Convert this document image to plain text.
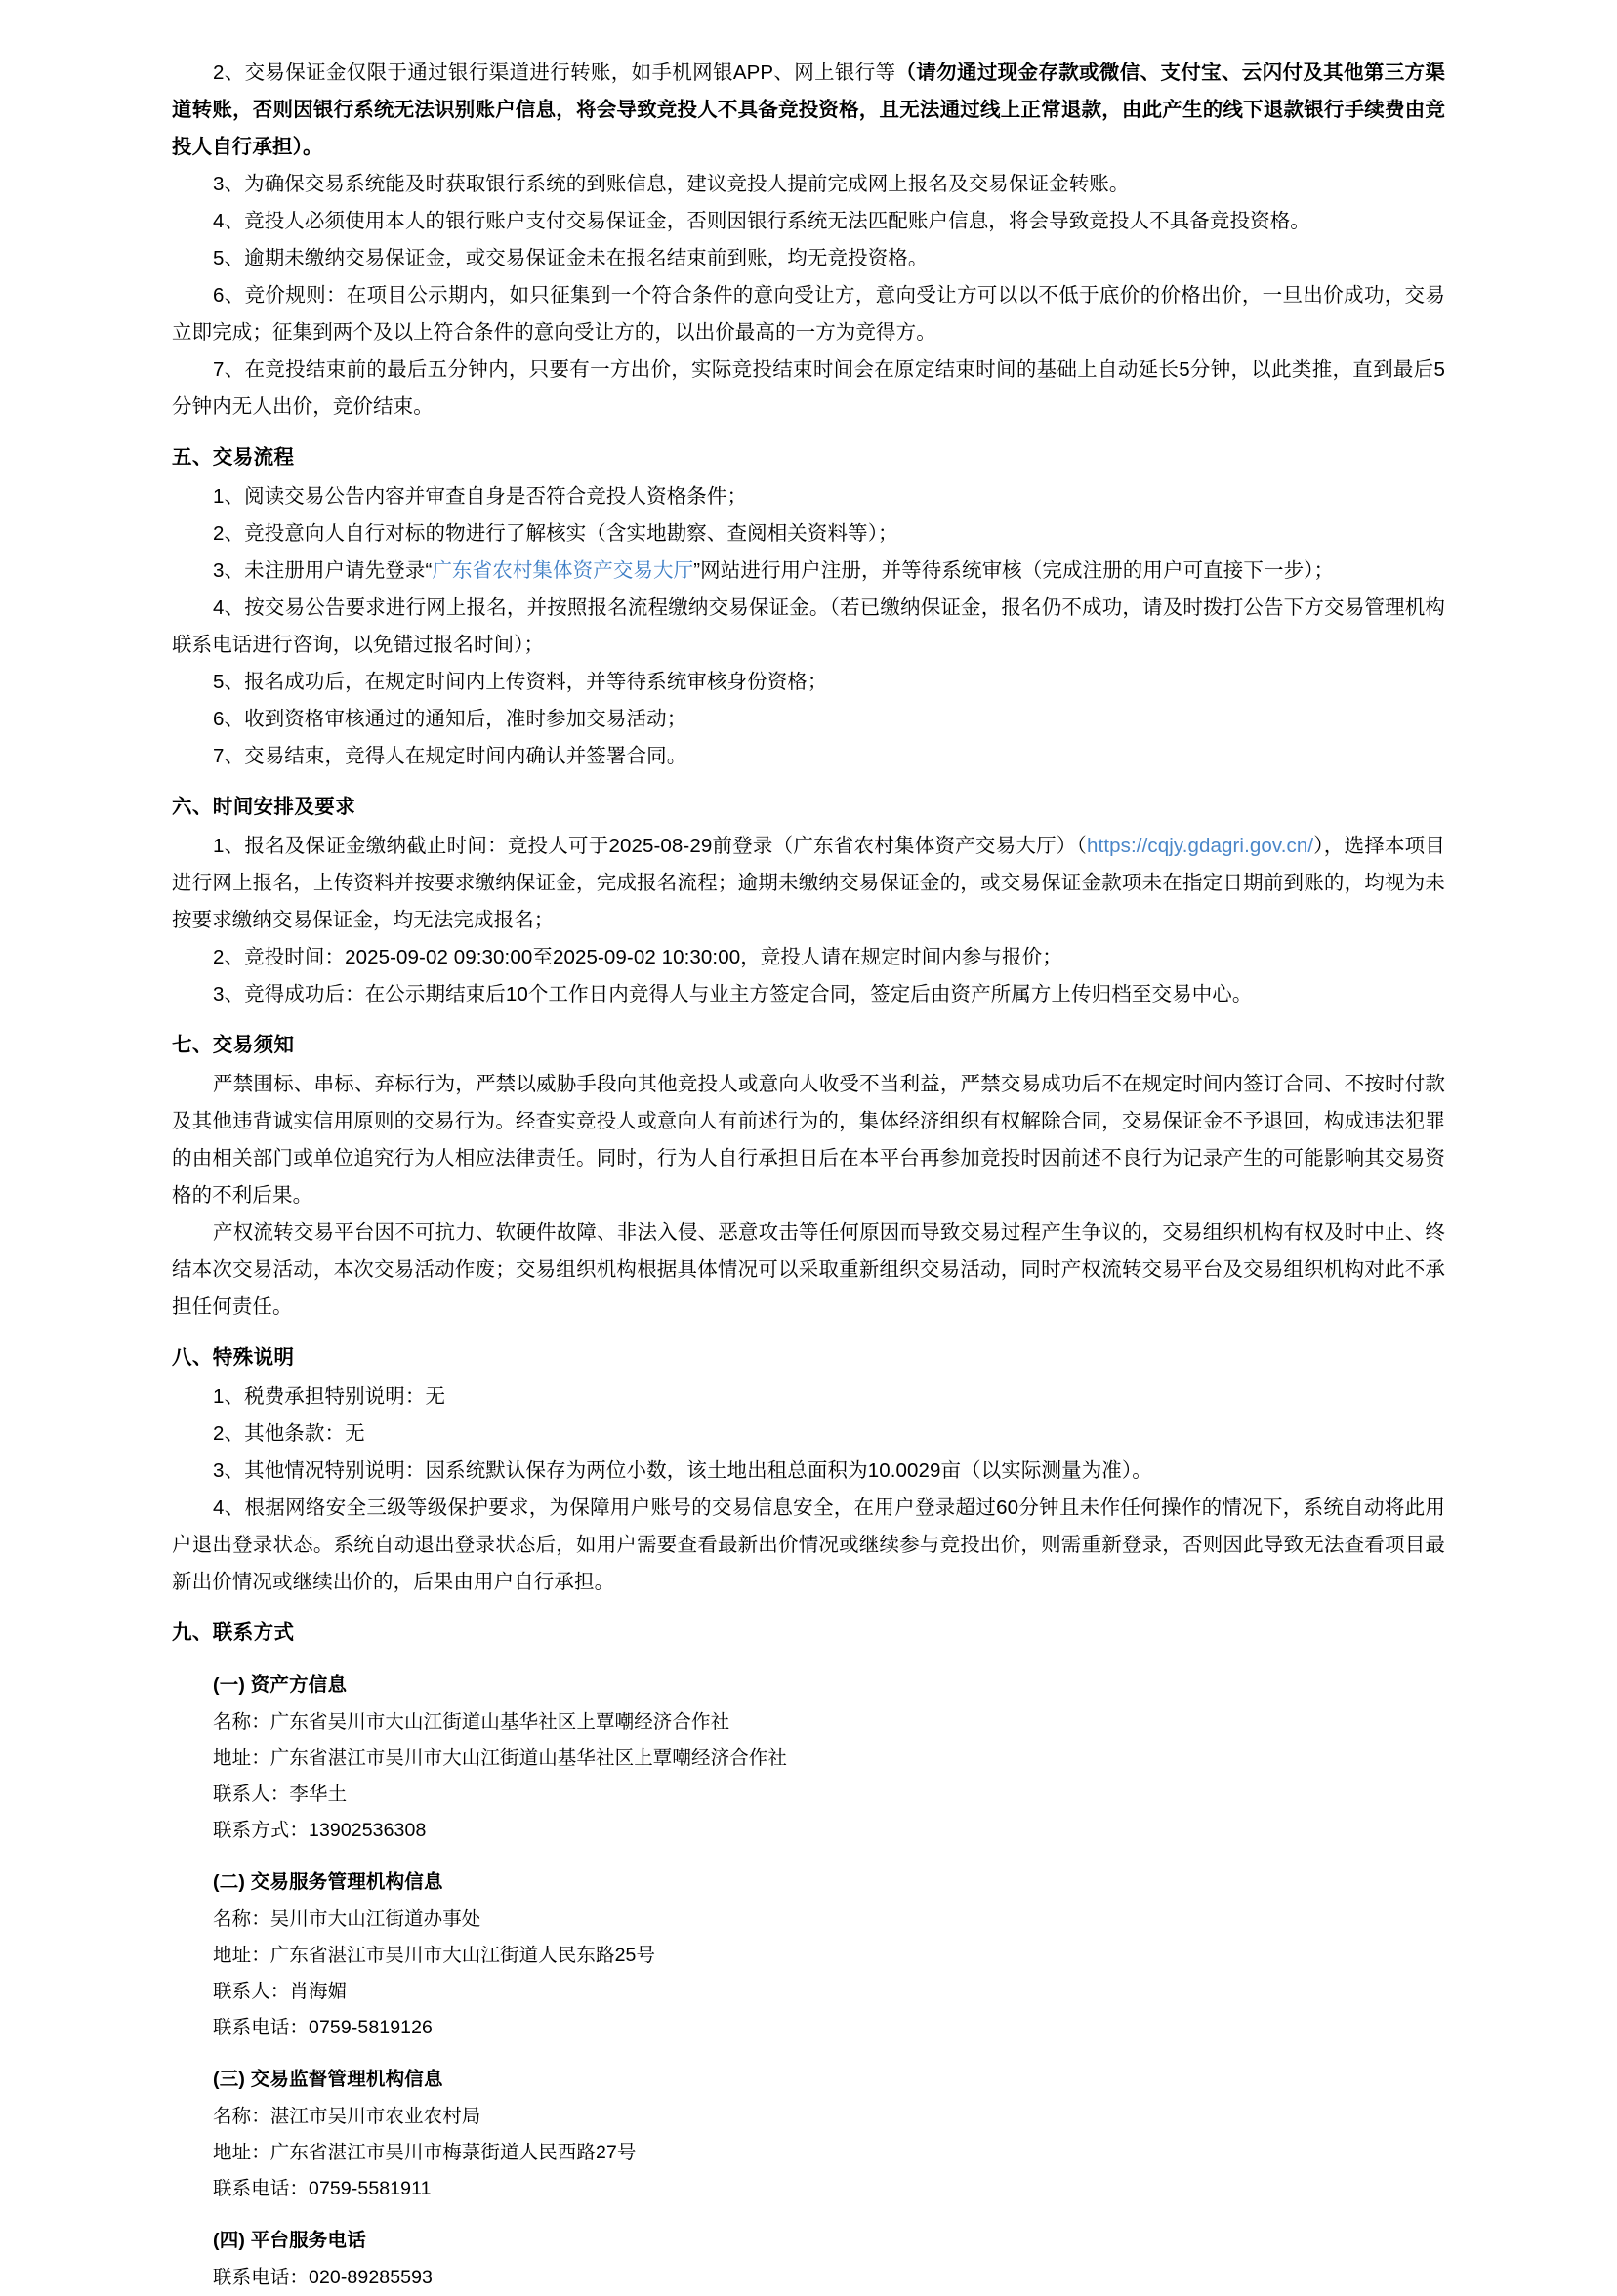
2、交易保证金仅限于通过银行渠道进行转账，如手机网银APP、网上银行等（请勿通过现金存款或微信、支付宝、云闪付及其他第三方渠道转账，否则因银行系统无法识别账户信息，将会导致竞投人不具备竞投资格，且无法通过线上正常退款，由此产生的线下退款银行手续费由竞投人自行承担）。

3、为确保交易系统能及时获取银行系统的到账信息，建议竞投人提前完成网上报名及交易保证金转账。

4、竞投人必须使用本人的银行账户支付交易保证金，否则因银行系统无法匹配账户信息，将会导致竞投人不具备竞投资格。

5、逾期未缴纳交易保证金，或交易保证金未在报名结束前到账，均无竞投资格。

6、竞价规则：在项目公示期内，如只征集到一个符合条件的意向受让方，意向受让方可以以不低于底价的价格出价，一旦出价成功，交易立即完成；征集到两个及以上符合条件的意向受让方的，以出价最高的一方为竞得方。

7、在竞投结束前的最后五分钟内，只要有一方出价，实际竞投结束时间会在原定结束时间的基础上自动延长5分钟，以此类推，直到最后5分钟内无人出价，竞价结束。

五、交易流程

1、阅读交易公告内容并审查自身是否符合竞投人资格条件；

2、竞投意向人自行对标的物进行了解核实（含实地勘察、查阅相关资料等）；

3、未注册用户请先登录“广东省农村集体资产交易大厅”网站进行用户注册，并等待系统审核（完成注册的用户可直接下一步）；

4、按交易公告要求进行网上报名，并按照报名流程缴纳交易保证金。（若已缴纳保证金，报名仍不成功，请及时拨打公告下方交易管理机构联系电话进行咨询，以免错过报名时间）；

5、报名成功后，在规定时间内上传资料，并等待系统审核身份资格；

6、收到资格审核通过的通知后，准时参加交易活动；

7、交易结束，竞得人在规定时间内确认并签署合同。

六、时间安排及要求

1、报名及保证金缴纳截止时间：竞投人可于2025-08-29前登录（广东省农村集体资产交易大厅）（https://cqjy.gdagri.gov.cn/），选择本项目进行网上报名，上传资料并按要求缴纳保证金，完成报名流程；逾期未缴纳交易保证金的，或交易保证金款项未在指定日期前到账的，均视为未按要求缴纳交易保证金，均无法完成报名；

2、竞投时间：2025-09-02 09:30:00至2025-09-02 10:30:00，竞投人请在规定时间内参与报价；

3、竞得成功后：在公示期结束后10个工作日内竞得人与业主方签定合同，签定后由资产所属方上传归档至交易中心。

七、交易须知

严禁围标、串标、弃标行为，严禁以威胁手段向其他竞投人或意向人收受不当利益，严禁交易成功后不在规定时间内签订合同、不按时付款及其他违背诚实信用原则的交易行为。经查实竞投人或意向人有前述行为的，集体经济组织有权解除合同，交易保证金不予退回，构成违法犯罪的由相关部门或单位追究行为人相应法律责任。同时，行为人自行承担日后在本平台再参加竞投时因前述不良行为记录产生的可能影响其交易资格的不利后果。

产权流转交易平台因不可抗力、软硬件故障、非法入侵、恶意攻击等任何原因而导致交易过程产生争议的，交易组织机构有权及时中止、终结本次交易活动，本次交易活动作废；交易组织机构根据具体情况可以采取重新组织交易活动，同时产权流转交易平台及交易组织机构对此不承担任何责任。

八、特殊说明

1、税费承担特别说明：无

2、其他条款：无

3、其他情况特别说明：因系统默认保存为两位小数，该土地出租总面积为10.0029亩（以实际测量为准）。

4、根据网络安全三级等级保护要求，为保障用户账号的交易信息安全，在用户登录超过60分钟且未作任何操作的情况下，系统自动将此用户退出登录状态。系统自动退出登录状态后，如用户需要查看最新出价情况或继续参与竞投出价，则需重新登录，否则因此导致无法查看项目最新出价情况或继续出价的，后果由用户自行承担。

九、联系方式
(一) 资产方信息

名称：广东省吴川市大山江街道山基华社区上覃嘲经济合作社

地址：广东省湛江市吴川市大山江街道山基华社区上覃嘲经济合作社

联系人：李华土

联系方式：13902536308

(二) 交易服务管理机构信息

名称：吴川市大山江街道办事处

地址：广东省湛江市吴川市大山江街道人民东路25号

联系人：肖海媚

联系电话：0759-5819126

(三) 交易监督管理机构信息

名称：湛江市吴川市农业农村局

地址：广东省湛江市吴川市梅菉街道人民西路27号

联系电话：0759-5581911

(四) 平台服务电话

联系电话：020-89285593
